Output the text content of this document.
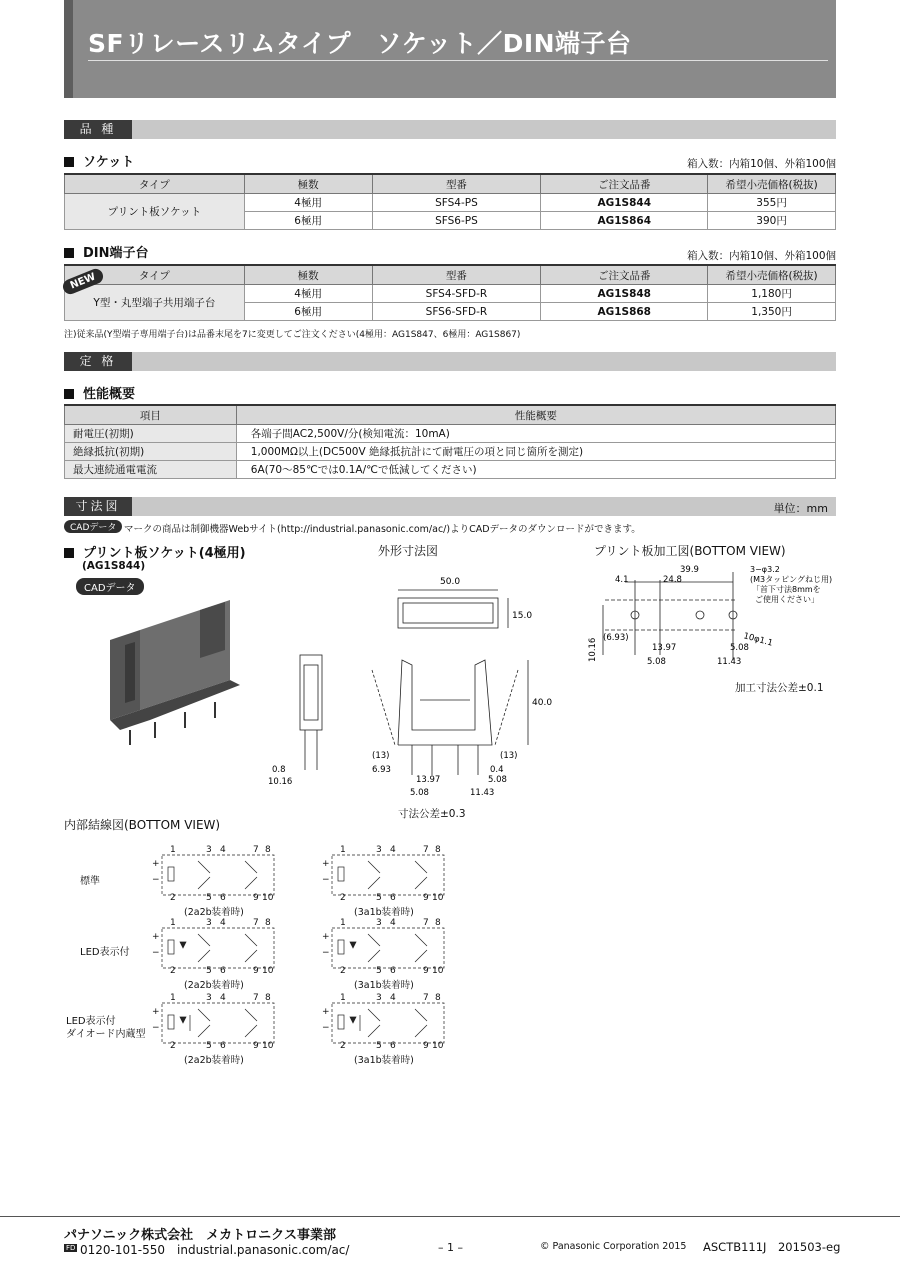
SFリレースリムタイプ　ソケット／DIN端子台
品 種
ソケット	箱入数：内箱10個、外箱100個
タイプ	極数	型番	ご注文品番	希望小売価格(税抜)
プリント板ソケット	4極用	SFS4-PS	AG1S844	355円
	6極用	SFS6-PS	AG1S864	390円
DIN端子台	箱入数：内箱10個、外箱100個
タイプ	極数	型番	ご注文品番	希望小売価格(税抜)
Y型・丸型端子共用端子台	4極用	SFS4-SFD-R	AG1S848	1,180円
	6極用	SFS6-SFD-R	AG1S868	1,350円
NEW
注)従来品(Y型端子専用端子台)は品番末尾を7に変更してご注文ください(4極用：AG1S847、6極用：AG1S867)
定 格
性能概要
項目	性能概要
耐電圧(初期)	各端子間AC2,500V/分(検知電流：10mA)
絶縁抵抗(初期)	1,000MΩ以上(DC500V 絶縁抵抗計にて耐電圧の項と同じ箇所を測定)
最大連続通電電流	6A(70～85℃では0.1A/℃で低減してください)
寸法図	単位：mm
CADデータ マークの商品は制御機器Webサイト(http://industrial.panasonic.com/ac/)よりCADデータのダウンロードができます。
プリント板ソケット(4極用)
(AG1S844)
CADデータ
外形寸法図	プリント板加工図(BOTTOM VIEW)
50.0
15.0
40.0
(13)	(13)
6.93
13.97
5.08
5.08
11.43
0.4
0.8
10.16
寸法公差±0.3
39.9
4.1	24.8
3−φ3.2
(M3タッピングねじ用)
「首下寸法8mmを
ご使用ください」
10φ1.1
10.16 (6.93)
13.97
5.08
5.08
11.43
加工寸法公差±0.1
内部結線図(BOTTOM VIEW)
標準
LED表示付
LED表示付
ダイオード内蔵型
1	3 4	7 8
2	5 6	9 10
+
−
(2a2b装着時)
1	3 4	7 8
2	5 6	9 10
+
−
(3a1b装着時)
1	3 4	7 8
2	5 6	9 10
+
−
(2a2b装着時)
1	3 4	7 8
2	5 6	9 10
+
−
(3a1b装着時)
1	3 4	7 8
2	5 6	9 10
+
−
(2a2b装着時)
1	3 4	7 8
2	5 6	9 10
+
−
(3a1b装着時)
パナソニック株式会社　メカトロニクス事業部
FD 0120-101-550　industrial.panasonic.com/ac/	– 1 –	© Panasonic Corporation 2015 ASCTB111J　201503-eg
